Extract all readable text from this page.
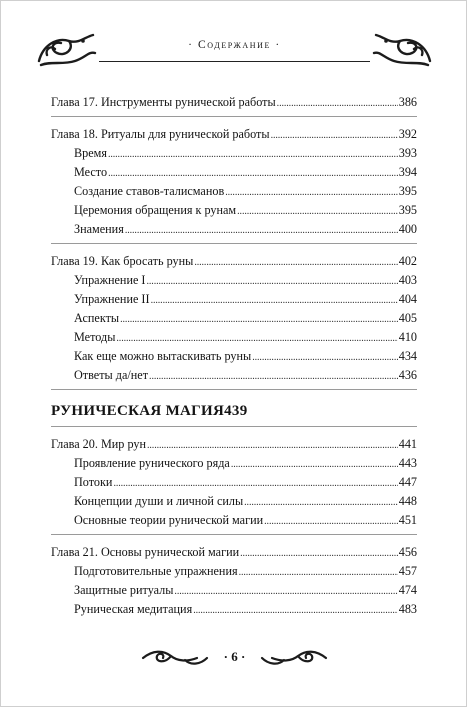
· Содержание ·
Глава 17. Инструменты рунической работы . . .	386
Глава 18. Ритуалы для рунической работы . . .	392
Время . . .	393
Место . . .	394
Создание ставов-талисманов . . .	395
Церемония обращения к рунам . . .	395
Знамения . . .	400
Глава 19. Как бросать руны . . .	402
Упражнение I . . .	403
Упражнение II . . .	404
Аспекты . . .	405
Методы . . .	410
Как еще можно вытаскивать руны . . .	434
Ответы да/нет . . .	436
РУНИЧЕСКАЯ МАГИЯ 439
Глава 20. Мир рун . . .	441
Проявление рунического ряда . . .	443
Потоки . . .	447
Концепции души и личной силы . . .	448
Основные теории рунической магии . . .	451
Глава 21. Основы рунической магии . . .	456
Подготовительные упражнения . . .	457
Защитные ритуалы . . .	474
Руническая медитация . . .	483
· 6 ·
